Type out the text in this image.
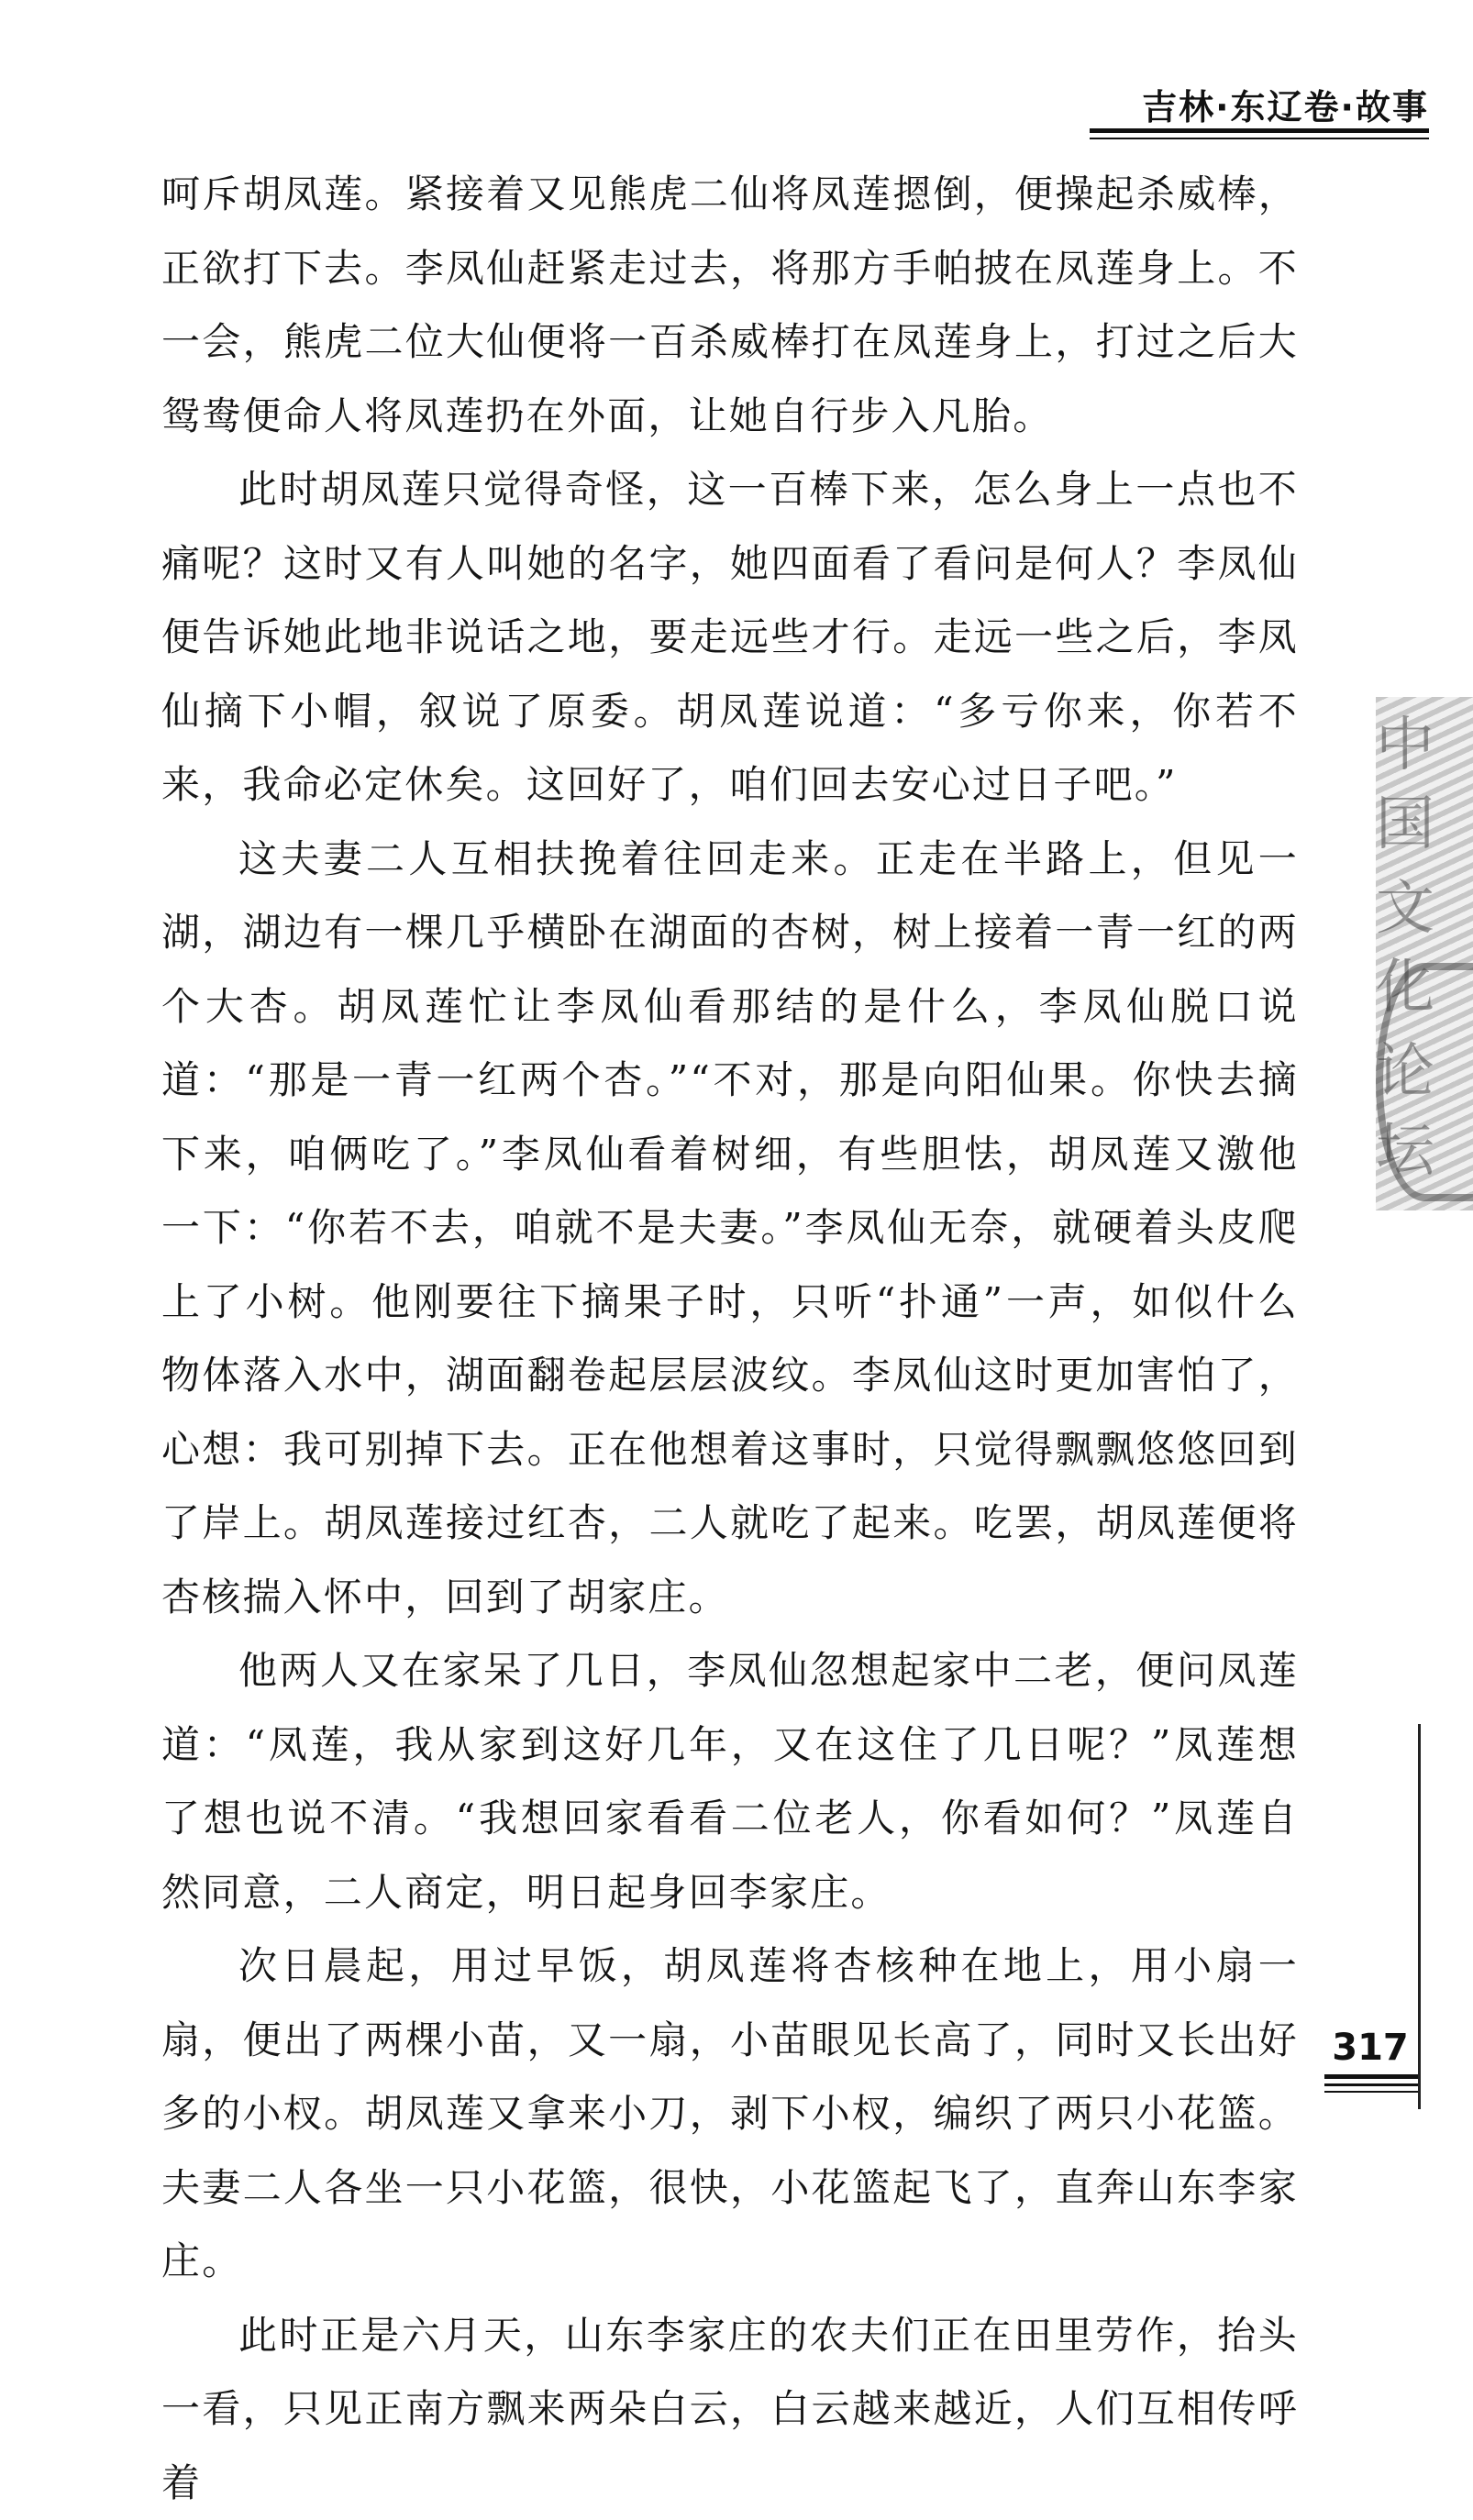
吉林·东辽卷·故事

呵斥胡凤莲。紧接着又见熊虎二仙将凤莲摁倒，便操起杀威棒，正欲打下去。李凤仙赶紧走过去，将那方手帕披在凤莲身上。不一会，熊虎二位大仙便将一百杀威棒打在凤莲身上，打过之后大鸳鸯便命人将凤莲扔在外面，让她自行步入凡胎。

此时胡凤莲只觉得奇怪，这一百棒下来，怎么身上一点也不痛呢？这时又有人叫她的名字，她四面看了看问是何人？李凤仙便告诉她此地非说话之地，要走远些才行。走远一些之后，李凤仙摘下小帽，叙说了原委。胡凤莲说道：“多亏你来，你若不来，我命必定休矣。这回好了，咱们回去安心过日子吧。”

这夫妻二人互相扶挽着往回走来。正走在半路上，但见一湖，湖边有一棵几乎横卧在湖面的杏树，树上接着一青一红的两个大杏。胡凤莲忙让李凤仙看那结的是什么，李凤仙脱口说道：“那是一青一红两个杏。”“不对，那是向阳仙果。你快去摘下来，咱俩吃了。”李凤仙看着树细，有些胆怯，胡凤莲又激他一下：“你若不去，咱就不是夫妻。”李凤仙无奈，就硬着头皮爬上了小树。他刚要往下摘果子时，只听“扑通”一声，如似什么物体落入水中，湖面翻卷起层层波纹。李凤仙这时更加害怕了，心想：我可别掉下去。正在他想着这事时，只觉得飘飘悠悠回到了岸上。胡凤莲接过红杏，二人就吃了起来。吃罢，胡凤莲便将杏核揣入怀中，回到了胡家庄。

他两人又在家呆了几日，李凤仙忽想起家中二老，便问凤莲道：“凤莲，我从家到这好几年，又在这住了几日呢？”凤莲想了想也说不清。“我想回家看看二位老人，你看如何？”凤莲自然同意，二人商定，明日起身回李家庄。

次日晨起，用过早饭，胡凤莲将杏核种在地上，用小扇一扇，便出了两棵小苗，又一扇，小苗眼见长高了，同时又长出好多的小杈。胡凤莲又拿来小刀，剥下小杈，编织了两只小花篮。夫妻二人各坐一只小花篮，很快，小花篮起飞了，直奔山东李家庄。

此时正是六月天，山东李家庄的农夫们正在田里劳作，抬头一看，只见正南方飘来两朵白云，白云越来越近，人们互相传呼着

中国
文化
论坛
317
